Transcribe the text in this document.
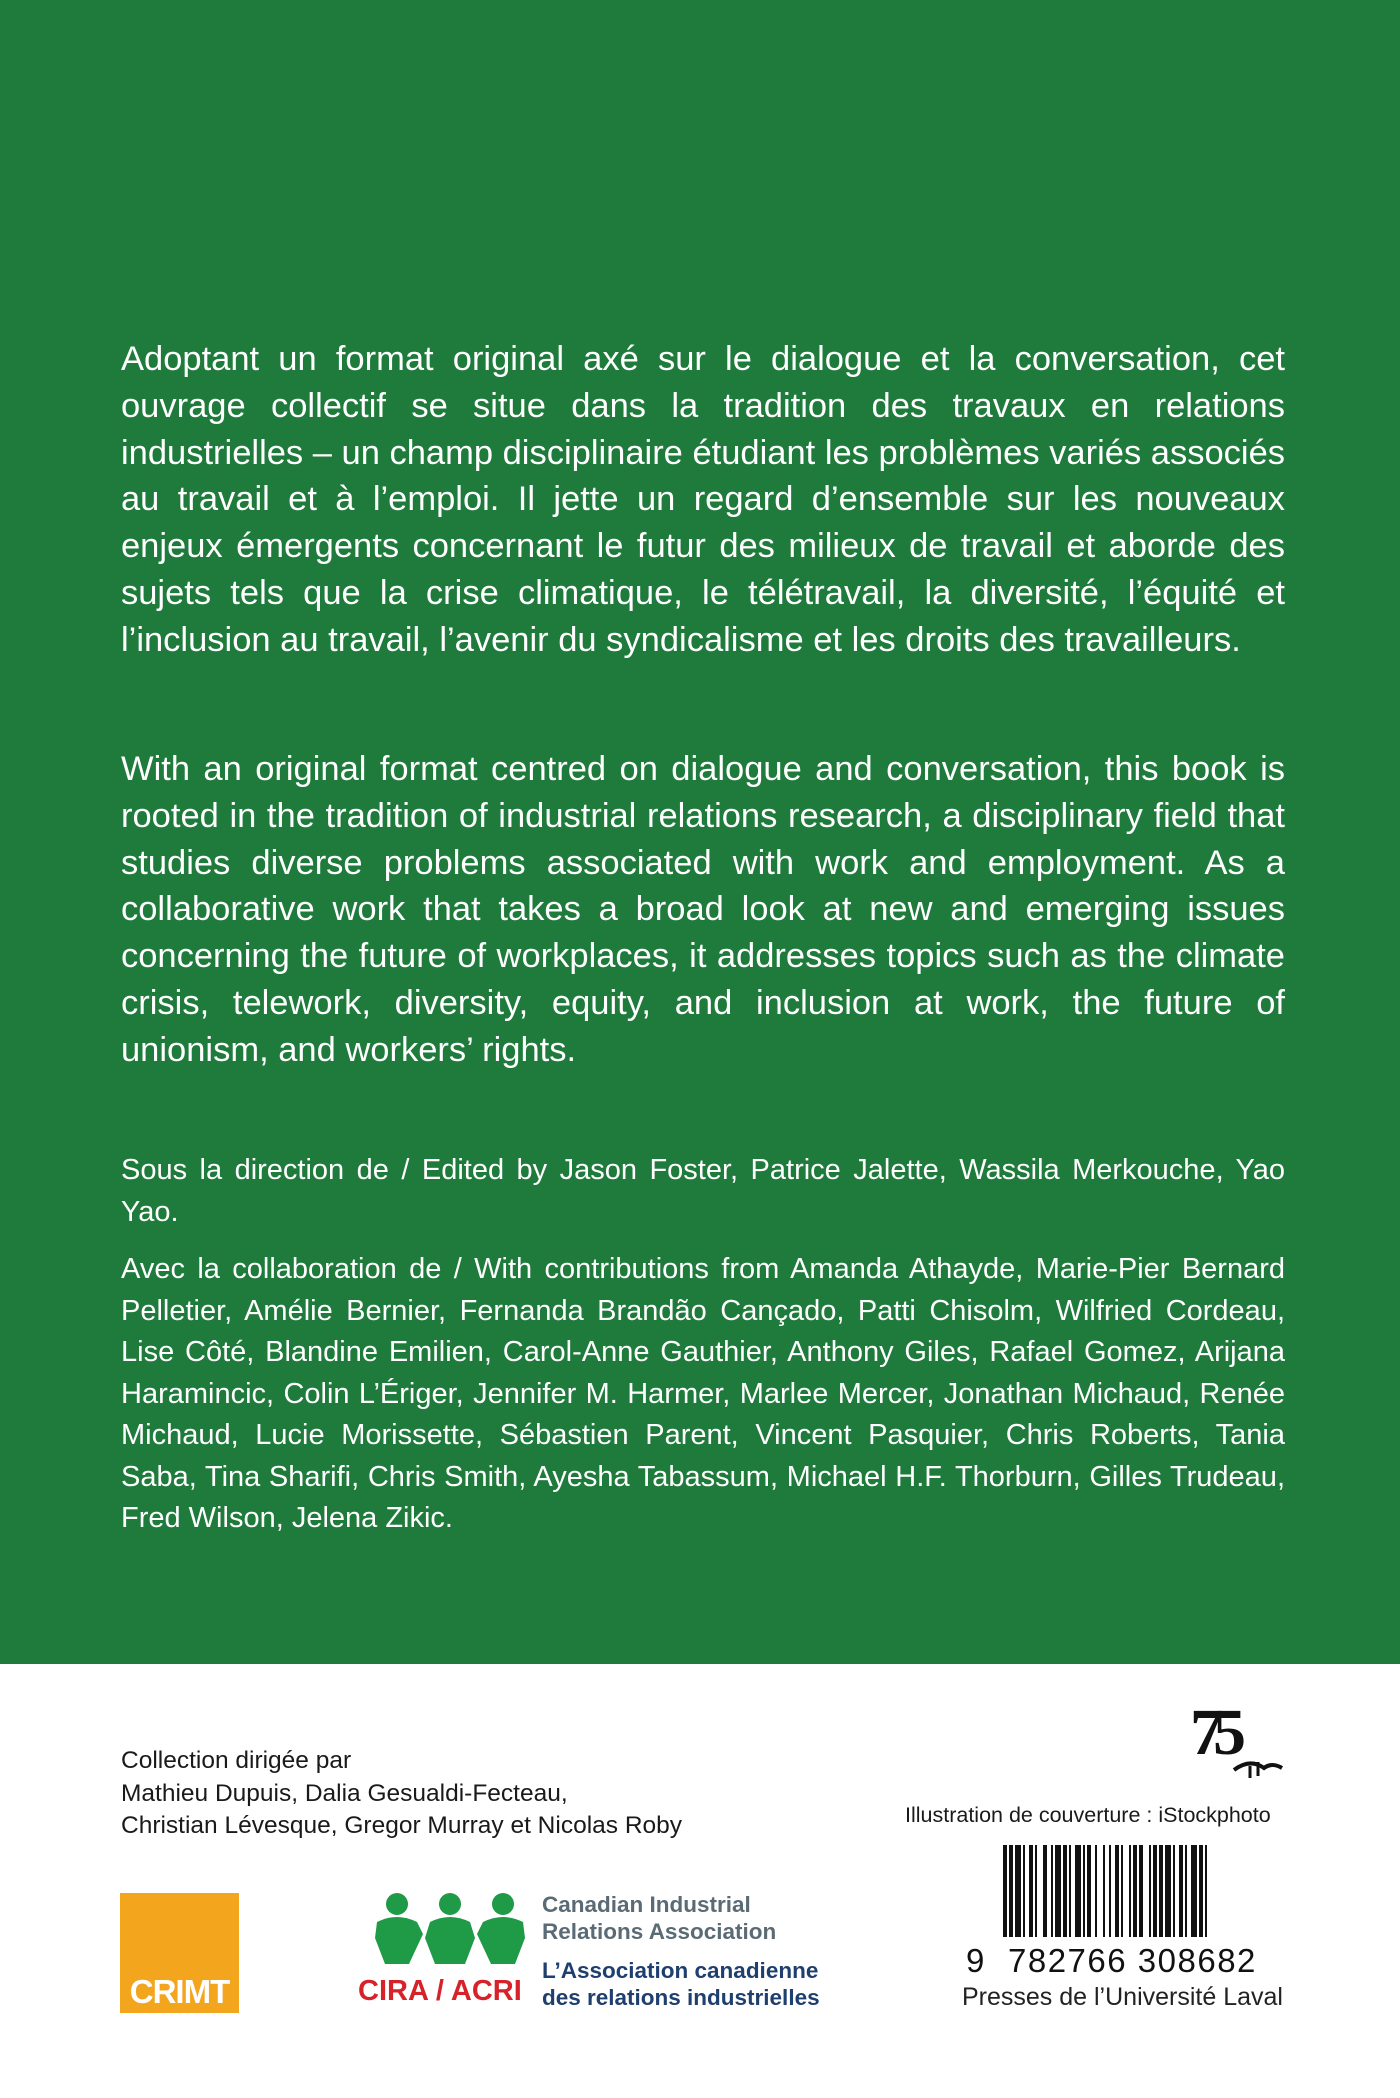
Adoptant un format original axé sur le dialogue et la conversation, cet ouvrage collectif se situe dans la tradition des travaux en relations industrielles – un champ disciplinaire étudiant les problèmes variés associés au travail et à l’emploi. Il jette un regard d’ensemble sur les nouveaux enjeux émergents concernant le futur des milieux de travail et aborde des sujets tels que la crise climatique, le télétravail, la diversité, l’équité et l’inclusion au travail, l’avenir du syndicalisme et les droits des travailleurs.

With an original format centred on dialogue and conversation, this book is rooted in the tradition of industrial relations research, a disciplinary field that studies diverse problems associated with work and employment. As a collaborative work that takes a broad look at new and emerging issues concerning the future of workplaces, it addresses topics such as the climate crisis, telework, diversity, equity, and inclusion at work, the future of unionism, and workers’ rights.

Sous la direction de / Edited by Jason Foster, Patrice Jalette, Wassila Merkouche, Yao Yao.

Avec la collaboration de / With contributions from Amanda Athayde, Marie-Pier Bernard Pelletier, Amélie Bernier, Fernanda Brandão Cançado, Patti Chisolm, Wilfried Cordeau, Lise Côté, Blandine Emilien, Carol-Anne Gauthier, Anthony Giles, Rafael Gomez, Arijana Haramincic, Colin L’Ériger, Jennifer M. Harmer, Marlee Mercer, Jonathan Michaud, Renée Michaud, Lucie Morissette, Sébastien Parent, Vincent Pasquier, Chris Roberts, Tania Saba, Tina Sharifi, Chris Smith, Ayesha Tabassum, Michael H.F. Thorburn, Gilles Trudeau, Fred Wilson, Jelena Zikic.

Collection dirigée par
Mathieu Dupuis, Dalia Gesualdi-Fecteau,
Christian Lévesque, Gregor Murray et Nicolas Roby
75
Illustration de couverture : iStockphoto
CRIMT	CIRA / ACRI
Canadian Industrial
Relations Association
L’Association canadienne
des relations industrielles
9 782766 308682
Presses de l’Université Laval
